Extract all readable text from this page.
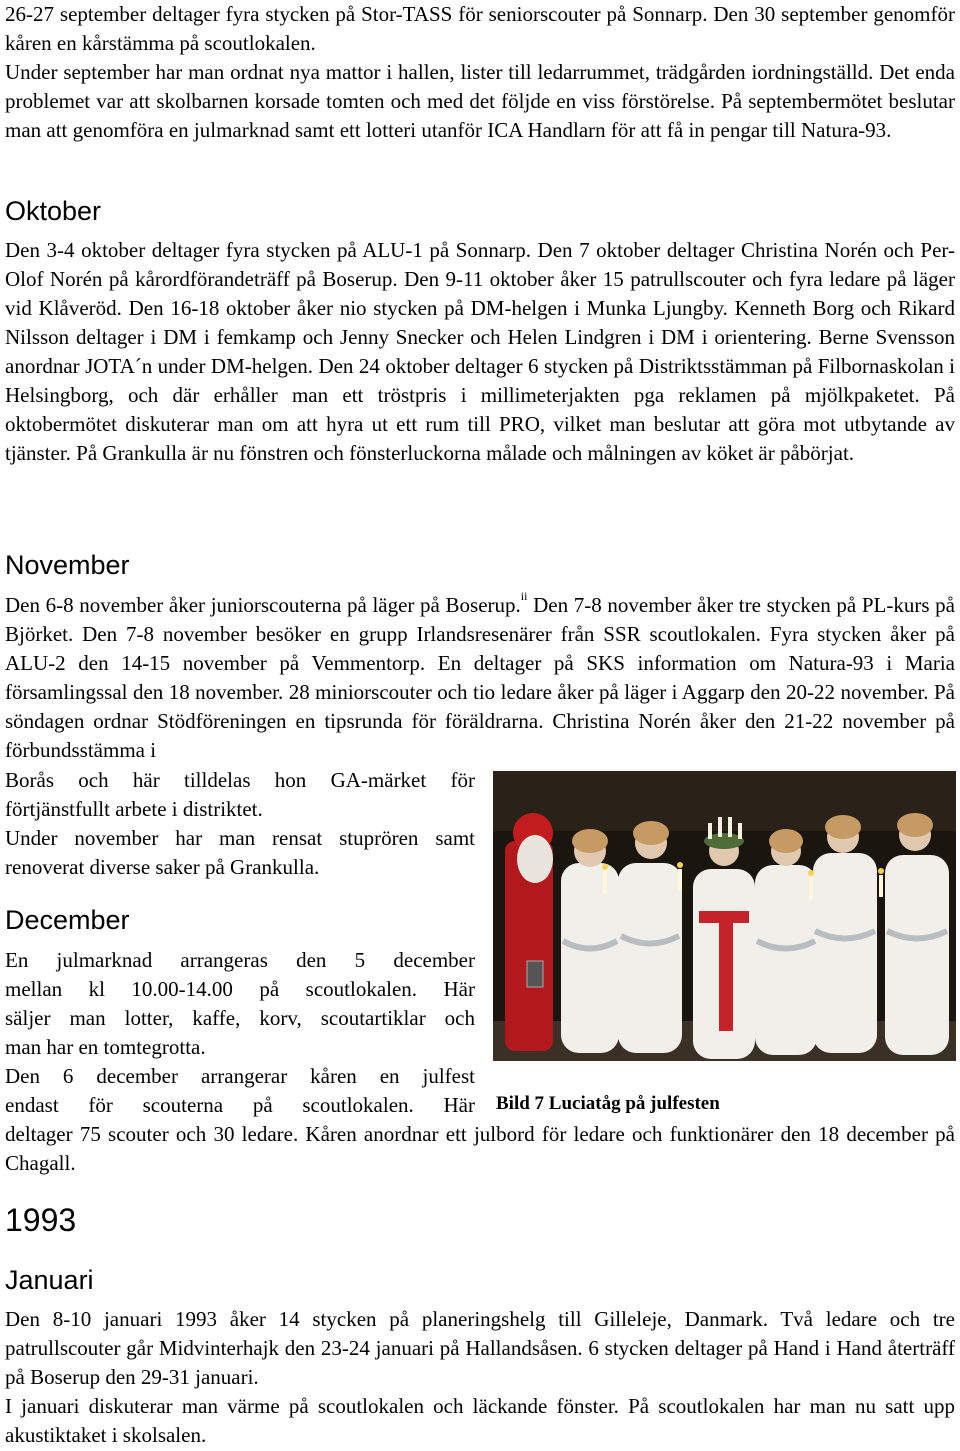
26-27 september deltager fyra stycken på Stor-TASS för seniorscouter på Sonnarp. Den 30 september genomför kåren en kårstämma på scoutlokalen.

Under september har man ordnat nya mattor i hallen, lister till ledarrummet, trädgården iordningställd. Det enda problemet var att skolbarnen korsade tomten och med det följde en viss förstörelse. På septembermötet beslutar man att genomföra en julmarknad samt ett lotteri utanför ICA Handlarn för att få in pengar till Natura-93.

Oktober

Den 3-4 oktober deltager fyra stycken på ALU-1 på Sonnarp. Den 7 oktober deltager Christina Norén och Per-Olof Norén på kårordförandeträff på Boserup. Den 9-11 oktober åker 15 patrullscouter och fyra ledare på läger vid Klåveröd. Den 16-18 oktober åker nio stycken på DM-helgen i Munka Ljungby. Kenneth Borg och Rikard Nilsson deltager i DM i femkamp och Jenny Snecker och Helen Lindgren i DM i orientering. Berne Svensson anordnar JOTA´n under DM-helgen. Den 24 oktober deltager 6 stycken på Distriktsstämman på Filbornaskolan i Helsingborg, och där erhåller man ett tröstpris i millimeterjakten pga reklamen på mjölkpaketet. På oktobermötet diskuterar man om att hyra ut ett rum till PRO, vilket man beslutar att göra mot utbytande av tjänster. På Grankulla är nu fönstren och fönsterluckorna målade och målningen av köket är påbörjat.

November

Den 6-8 november åker juniorscouterna på läger på Boserup.$^{ii}$ Den 7-8 november åker tre stycken på PL-kurs på Björket. Den 7-8 november besöker en grupp Irlandsresenärer från SSR scoutlokalen. Fyra stycken åker på ALU-2 den 14-15 november på Vemmentorp. En deltager på SKS information om Natura-93 i Maria församlingssal den 18 november. 28 miniorscouter och tio ledare åker på läger i Aggarp den 20-22 november. På söndagen ordnar Stödföreningen en tipsrunda för föräldrarna. Christina Norén åker den 21-22 november på förbundsstämma i

Borås och här tilldelas hon GA-märket för
förtjänstfullt arbete i distriktet.
Under november har man rensat stuprören samt
renoverat diverse saker på Grankulla.
December
En julmarknad arrangeras den 5 december
mellan kl 10.00-14.00 på scoutlokalen. Här
säljer man lotter, kaffe, korv, scoutartiklar och
man har en tomtegrotta.
Den 6 december arrangerar kåren en julfest
endast för scouterna på scoutlokalen. Här

deltager 75 scouter och 30 ledare. Kåren anordnar ett julbord för ledare och funktionärer den 18 december på Chagall.

1993
Januari

Den 8-10 januari 1993 åker 14 stycken på planeringshelg till Gilleleje, Danmark. Två ledare och tre patrullscouter går Midvinterhajk den 23-24 januari på Hallandsåsen. 6 stycken deltager på Hand i Hand återträff på Boserup den 29-31 januari.

I januari diskuterar man värme på scoutlokalen och läckande fönster. På scoutlokalen har man nu satt upp akustiktaket i skolsalen.

Bild 7 Luciatåg på julfesten
